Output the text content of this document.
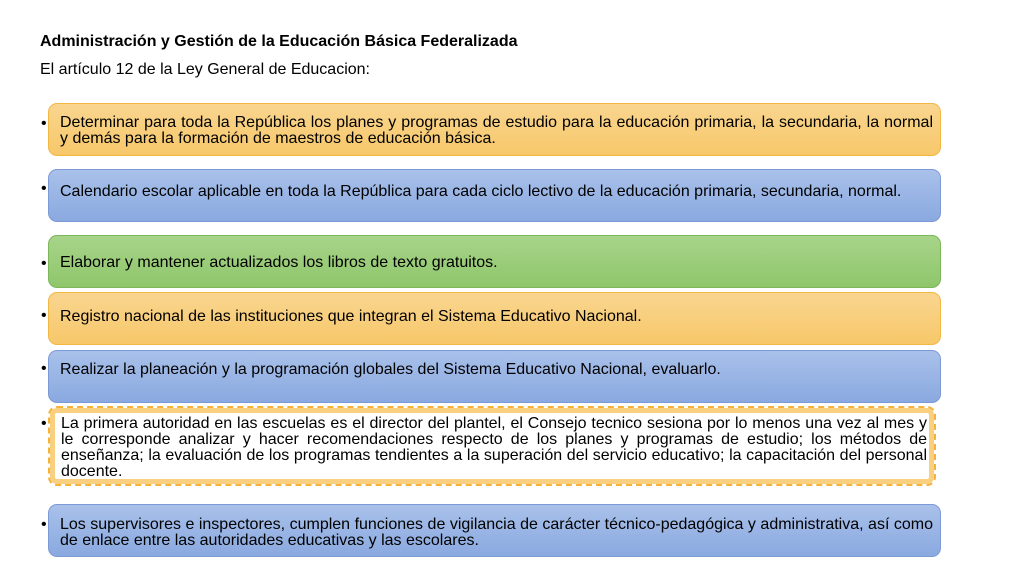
Administración y Gestión de la Educación Básica Federalizada
El artículo 12 de la Ley General de Educacion:
• Determinar para toda la República los planes y programas de estudio para la educación primaria, la secundaria, la normal y demás para la formación de maestros de educación básica.
• Calendario escolar aplicable en toda la República para cada ciclo lectivo de la educación primaria, secundaria, normal.
• Elaborar y mantener actualizados los libros de texto gratuitos.
• Registro nacional de las instituciones que integran el Sistema Educativo Nacional.
• Realizar la planeación y la programación globales del Sistema Educativo Nacional, evaluarlo.
• La primera autoridad en las escuelas es el director del plantel, el Consejo tecnico sesiona por lo menos una vez al mes y le corresponde analizar y hacer recomendaciones respecto de los planes y programas de estudio; los métodos de enseñanza; la evaluación de los programas tendientes a la superación del servicio educativo; la capacitación del personal docente.
• Los supervisores e inspectores, cumplen funciones de vigilancia de carácter técnico-pedagógica y administrativa, así como de enlace entre las autoridades educativas y las escolares.
